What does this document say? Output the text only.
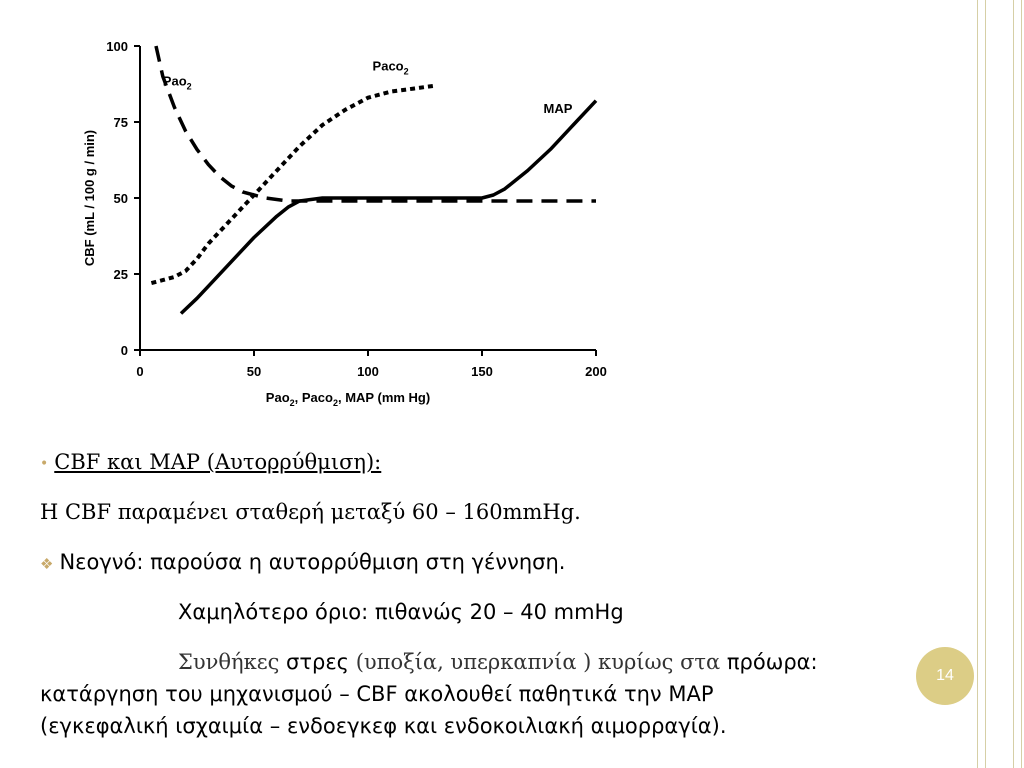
0	50	100	150	200
0
25
50
75
100
CBF (mL / 100 g / min)
Pao$_2$, Paco$_2$, MAP (mm Hg)
Pao$_2$
Paco$_2$
MAP
• CBF και ΜΑΡ (Αυτορρύθμιση):
Η CBF παραμένει σταθερή μεταξύ 60 – 160mmHg.
❖ Νεογνό: παρούσα η αυτορρύθμιση στη γέννηση.
Χαμηλότερο όριο: πιθανώς 20 – 40 mmHg
Συνθήκες στρες (υποξία, υπερκαπνία ) κυρίως στα πρόωρα:
κατάργηση του μηχανισμού – CBF ακολουθεί παθητικά την ΜΑΡ
(εγκεφαλική ισχαιμία – ενδοεγκεφ και ενδοκοιλιακή αιμορραγία).
14
